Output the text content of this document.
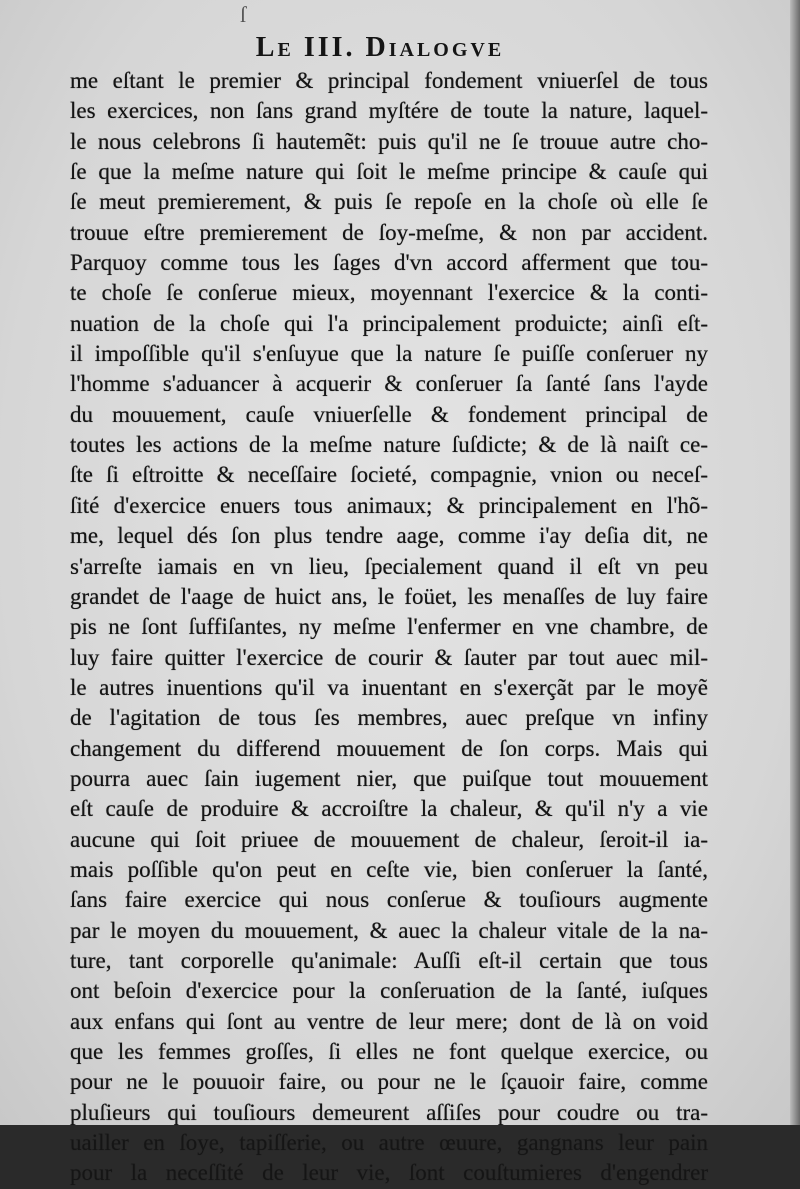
ſ
Le III. Dialogve
me eſtant le premier & principal fondement vniuerſel de tous
les exercices, non ſans grand myſtére de toute la nature, laquel-
le nous celebrons ſi hautemẽt: puis qu'il ne ſe trouue autre cho-
ſe que la meſme nature qui ſoit le meſme principe & cauſe qui
ſe meut premierement, & puis ſe repoſe en la choſe où elle ſe
trouue eſtre premierement de ſoy-meſme, & non par accident.
Parquoy comme tous les ſages d'vn accord afferment que tou-
te choſe ſe conſerue mieux, moyennant l'exercice & la conti-
nuation de la choſe qui l'a principalement produicte; ainſi eſt-
il impoſſible qu'il s'enſuyue que la nature ſe puiſſe conſeruer ny
l'homme s'aduancer à acquerir & conſeruer ſa ſanté ſans l'ayde
du mouuement, cauſe vniuerſelle & fondement principal de
toutes les actions de la meſme nature ſuſdicte; & de là naiſt ce-
ſte ſi eſtroitte & neceſſaire ſocieté, compagnie, vnion ou neceſ-
ſité d'exercice enuers tous animaux; & principalement en l'hõ-
me, lequel dés ſon plus tendre aage, comme i'ay deſia dit, ne
s'arreſte iamais en vn lieu, ſpecialement quand il eſt vn peu
grandet de l'aage de huict ans, le foüet, les menaſſes de luy faire
pis ne ſont ſuffiſantes, ny meſme l'enfermer en vne chambre, de
luy faire quitter l'exercice de courir & ſauter par tout auec mil-
le autres inuentions qu'il va inuentant en s'exerçãt par le moyẽ
de l'agitation de tous ſes membres, auec preſque vn infiny
changement du differend mouuement de ſon corps. Mais qui
pourra auec ſain iugement nier, que puiſque tout mouuement
eſt cauſe de produire & accroiſtre la chaleur, & qu'il n'y a vie
aucune qui ſoit priuee de mouuement de chaleur, ſeroit-il ia-
mais poſſible qu'on peut en ceſte vie, bien conſeruer la ſanté,
ſans faire exercice qui nous conſerue & touſiours augmente
par le moyen du mouuement, & auec la chaleur vitale de la na-
ture, tant corporelle qu'animale: Auſſi eſt-il certain que tous
ont beſoin d'exercice pour la conſeruation de la ſanté, iuſques
aux enfans qui ſont au ventre de leur mere; dont de là on void
que les femmes groſſes, ſi elles ne font quelque exercice, ou
pour ne le pouuoir faire, ou pour ne le ſçauoir faire, comme
pluſieurs qui touſiours demeurent aſſiſes pour coudre ou tra-
uailler en ſoye, tapiſſerie, ou autre œuure, gangnans leur pain
pour la neceſſité de leur vie, ſont couſtumieres d'engendrer
